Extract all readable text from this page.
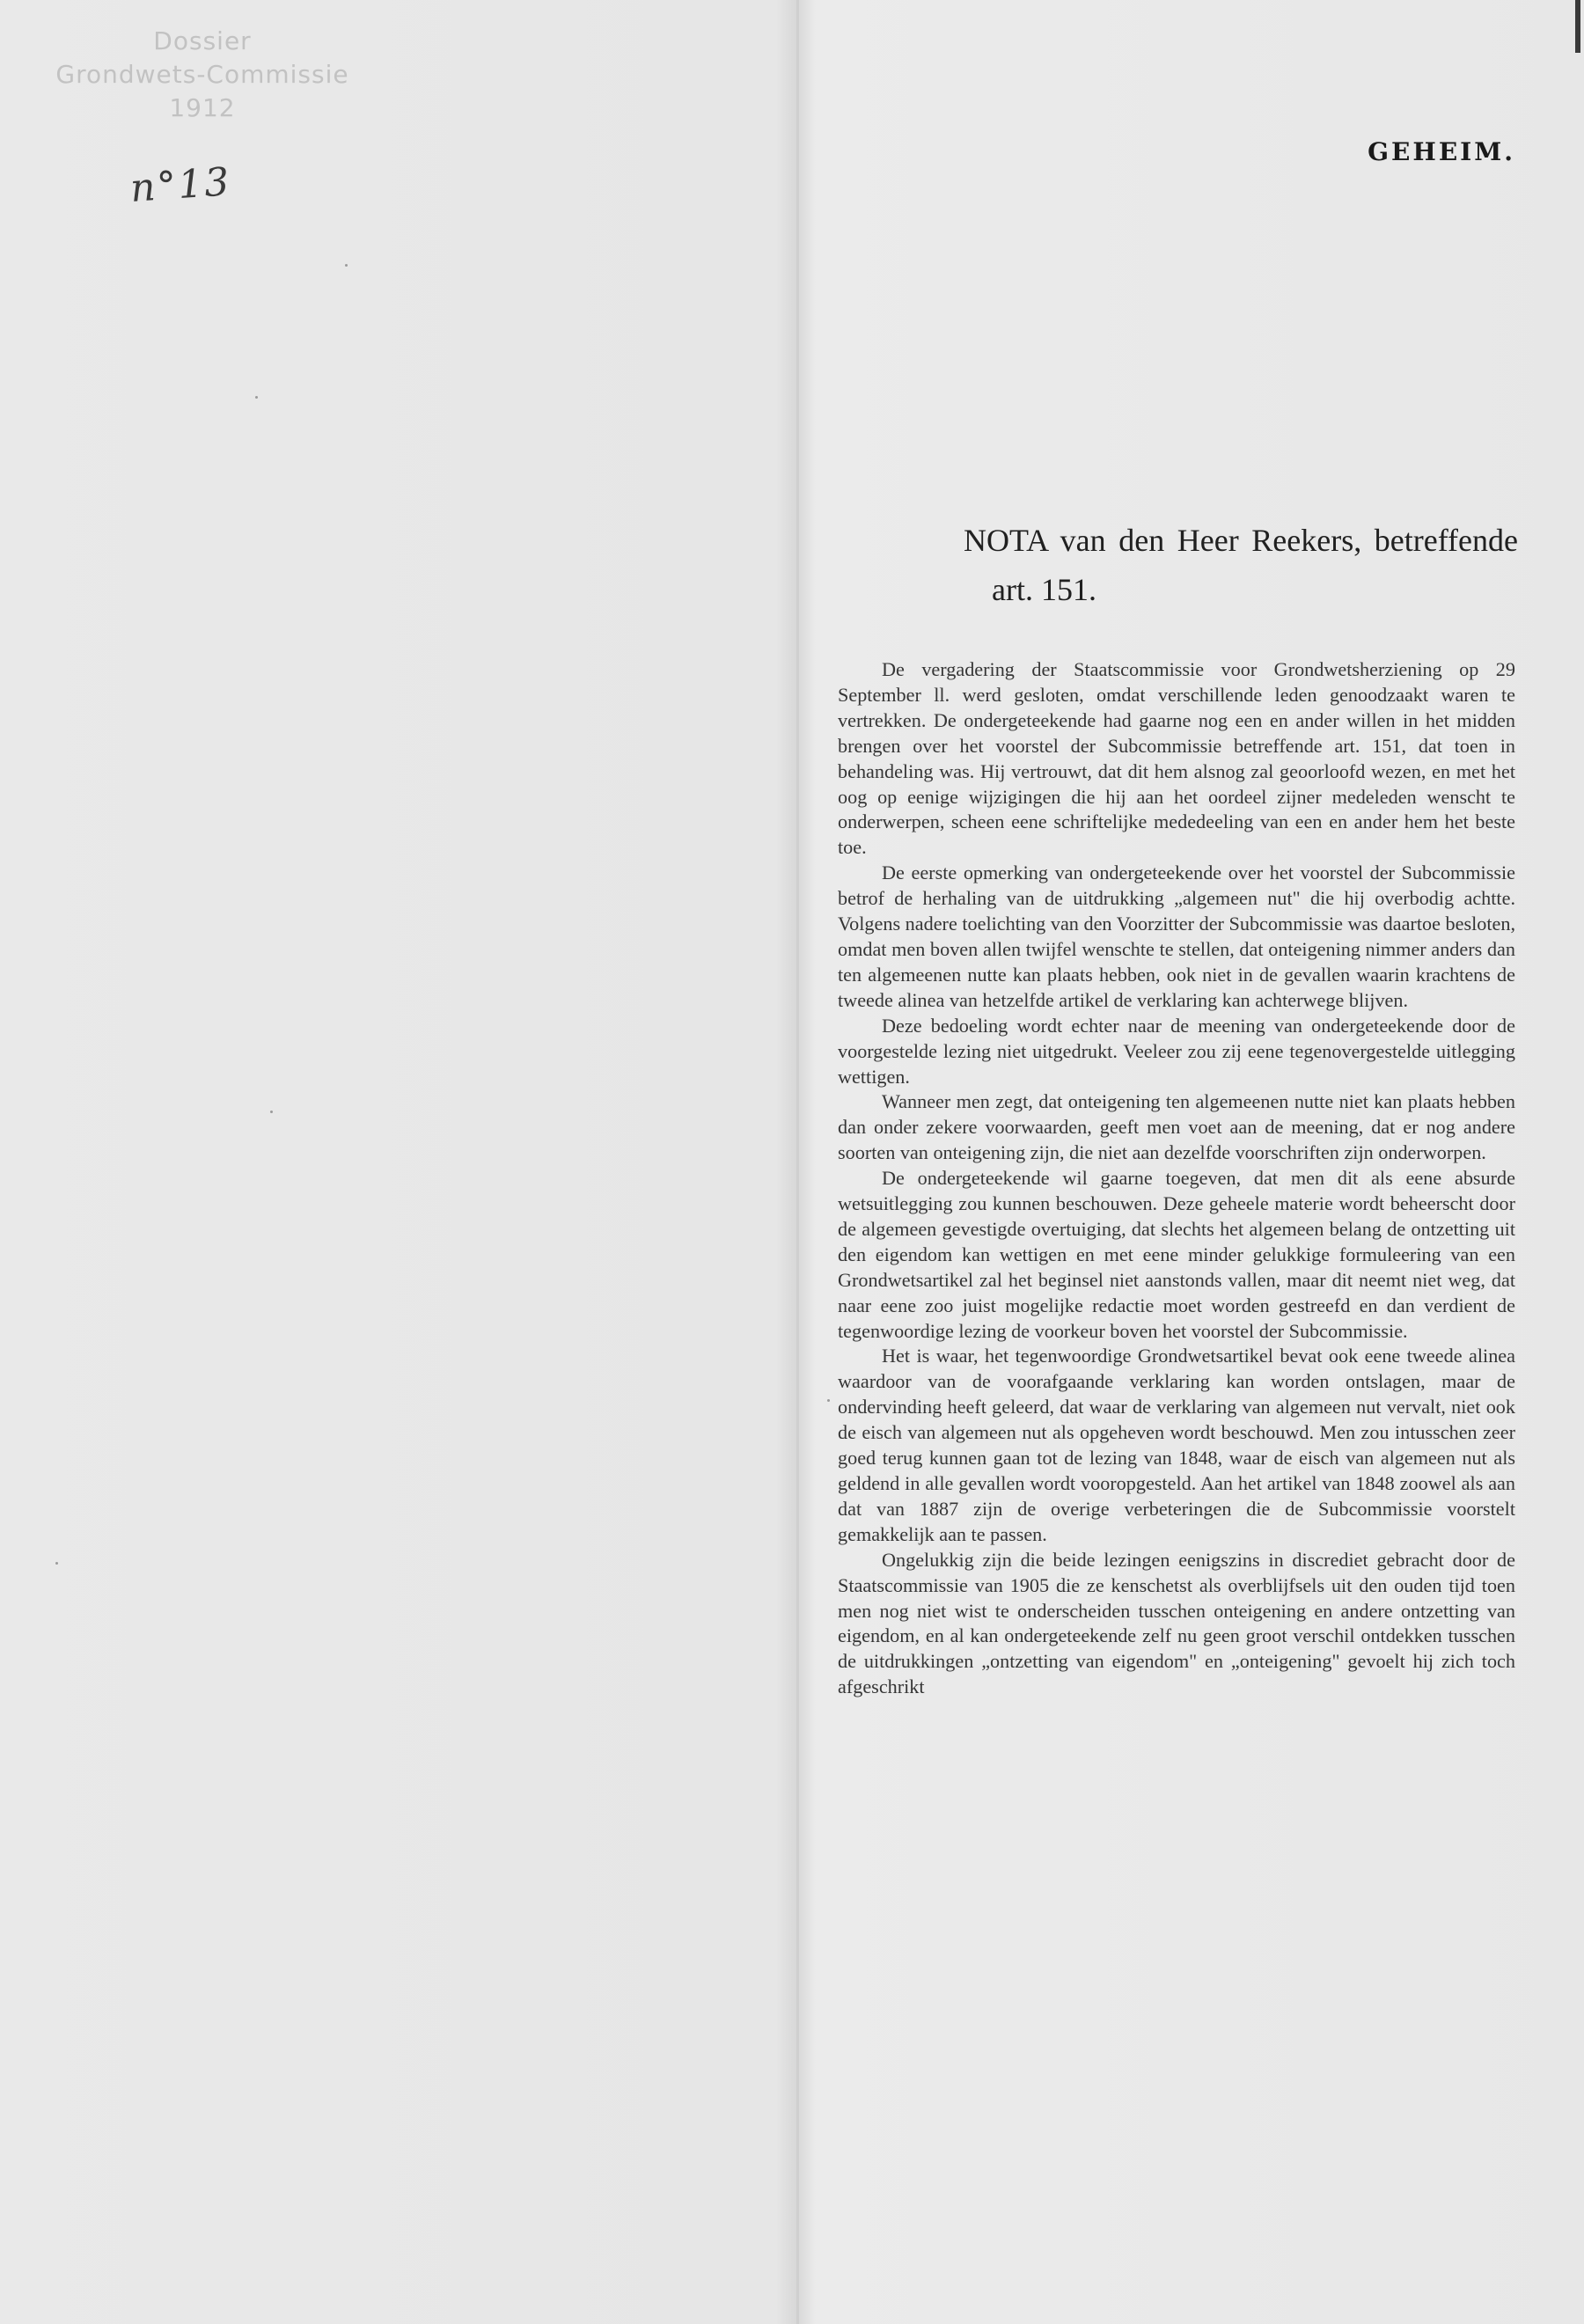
Dossier
Grondwets-Commissie
1912
n°13
GEHEIM.
NOTA van den Heer Reekers, betreffende
art. 151.

De vergadering der Staatscommissie voor Grondwetsherziening op 29 September ll. werd gesloten, omdat verschillende leden genoodzaakt waren te vertrekken. De ondergeteekende had gaarne nog een en ander willen in het midden brengen over het voorstel der Subcommissie betreffende art. 151, dat toen in behandeling was. Hij vertrouwt, dat dit hem alsnog zal geoorloofd wezen, en met het oog op eenige wijzigingen die hij aan het oordeel zijner medeleden wenscht te onderwerpen, scheen eene schriftelijke mededeeling van een en ander hem het beste toe.

De eerste opmerking van ondergeteekende over het voorstel der Subcommissie betrof de herhaling van de uitdrukking „algemeen nut" die hij overbodig achtte. Volgens nadere toelichting van den Voorzitter der Subcommissie was daartoe besloten, omdat men boven allen twijfel wenschte te stellen, dat onteigening nimmer anders dan ten algemeenen nutte kan plaats hebben, ook niet in de gevallen waarin krachtens de tweede alinea van hetzelfde artikel de verklaring kan achterwege blijven.

Deze bedoeling wordt echter naar de meening van ondergeteekende door de voorgestelde lezing niet uitgedrukt. Veeleer zou zij eene tegenovergestelde uitlegging wettigen.

Wanneer men zegt, dat onteigening ten algemeenen nutte niet kan plaats hebben dan onder zekere voorwaarden, geeft men voet aan de meening, dat er nog andere soorten van onteigening zijn, die niet aan dezelfde voorschriften zijn onderworpen.

De ondergeteekende wil gaarne toegeven, dat men dit als eene absurde wetsuitlegging zou kunnen beschouwen. Deze geheele materie wordt beheerscht door de algemeen gevestigde overtuiging, dat slechts het algemeen belang de ontzetting uit den eigendom kan wettigen en met eene minder gelukkige formuleering van een Grondwetsartikel zal het beginsel niet aanstonds vallen, maar dit neemt niet weg, dat naar eene zoo juist mogelijke redactie moet worden gestreefd en dan verdient de tegenwoordige lezing de voorkeur boven het voorstel der Subcommissie.

Het is waar, het tegenwoordige Grondwetsartikel bevat ook eene tweede alinea waardoor van de voorafgaande verklaring kan worden ontslagen, maar de ondervinding heeft geleerd, dat waar de verklaring van algemeen nut vervalt, niet ook de eisch van algemeen nut als opgeheven wordt beschouwd. Men zou intusschen zeer goed terug kunnen gaan tot de lezing van 1848, waar de eisch van algemeen nut als geldend in alle gevallen wordt vooropgesteld. Aan het artikel van 1848 zoowel als aan dat van 1887 zijn de overige verbeteringen die de Subcommissie voorstelt gemakkelijk aan te passen.

Ongelukkig zijn die beide lezingen eenigszins in discrediet gebracht door de Staatscommissie van 1905 die ze kenschetst als overblijfsels uit den ouden tijd toen men nog niet wist te onderscheiden tusschen onteigening en andere ontzetting van eigendom, en al kan ondergeteekende zelf nu geen groot verschil ontdekken tusschen de uitdrukkingen „ontzetting van eigendom" en „onteigening" gevoelt hij zich toch afgeschrikt
